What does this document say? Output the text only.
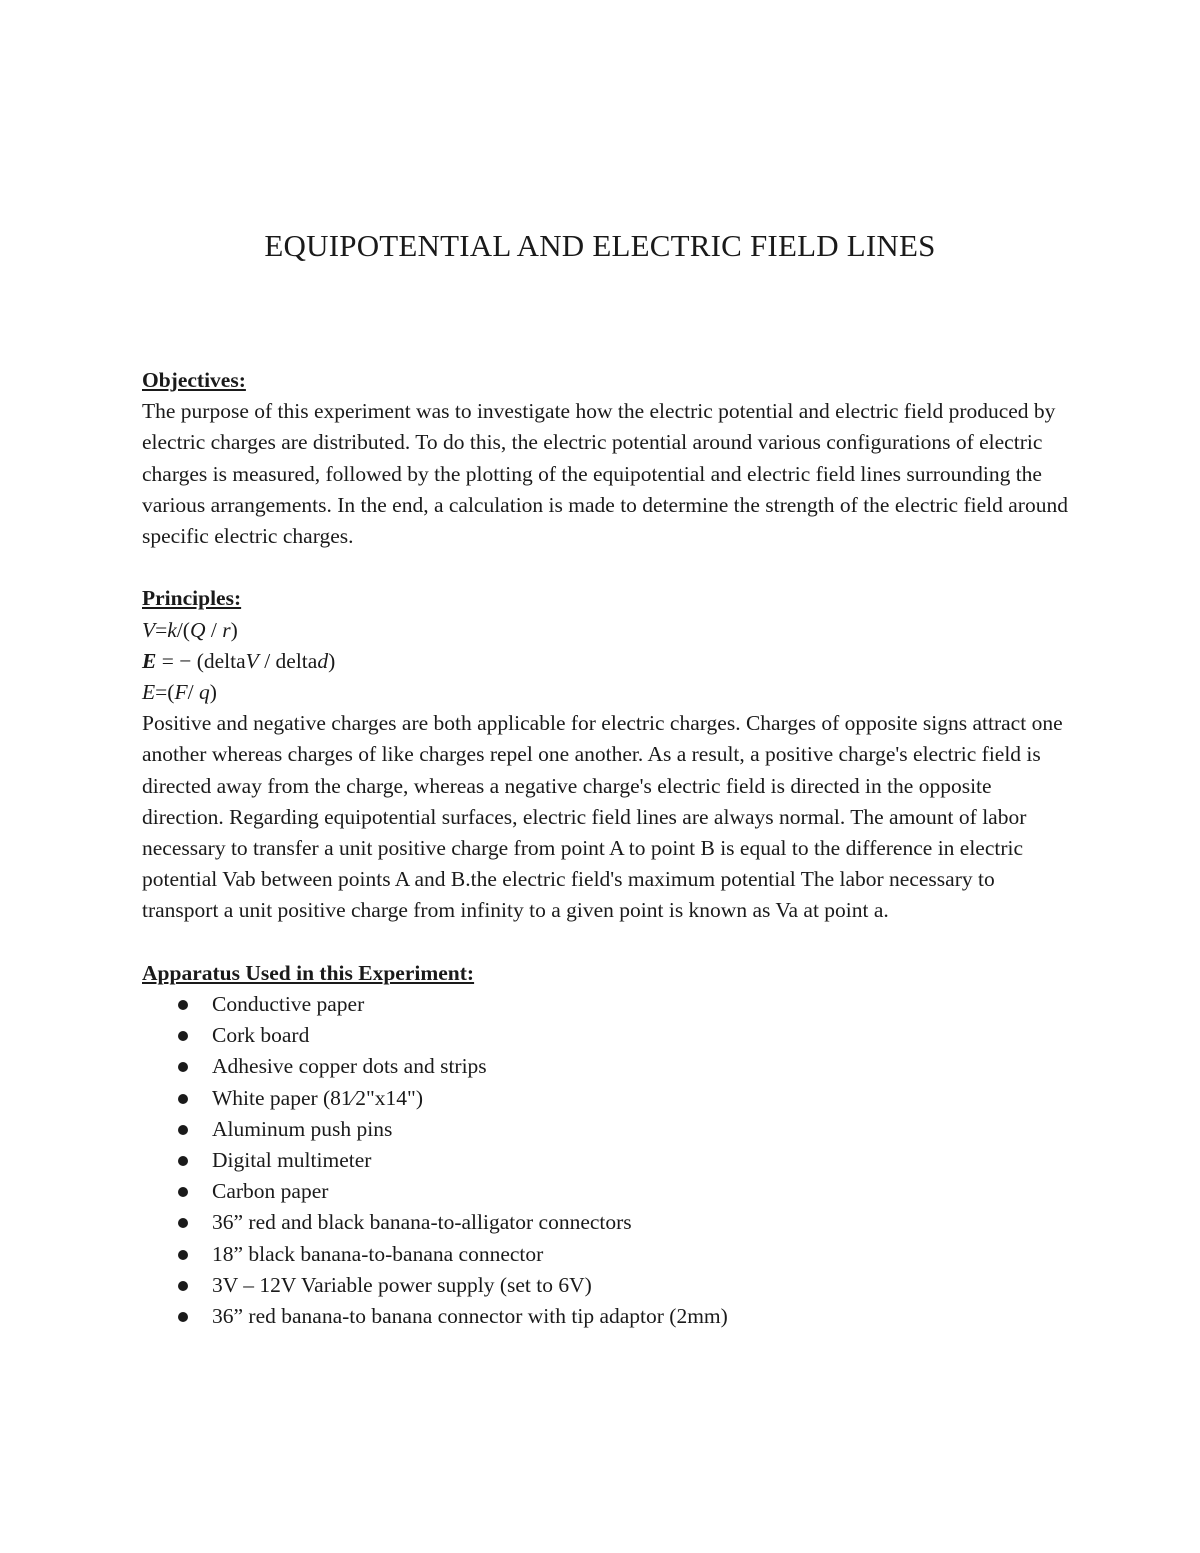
EQUIPOTENTIAL AND ELECTRIC FIELD LINES

Objectives:

The purpose of this experiment was to investigate how the electric potential and electric field produced by electric charges are distributed. To do this, the electric potential around various configurations of electric charges is measured, followed by the plotting of the equipotential and electric field lines surrounding the various arrangements. In the end, a calculation is made to determine the strength of the electric field around specific electric charges.

Principles:

V=k/(Q / r)

E = − (deltaV / deltad)

E=(F/ q)

Positive and negative charges are both applicable for electric charges. Charges of opposite signs attract one another whereas charges of like charges repel one another. As a result, a positive charge's electric field is directed away from the charge, whereas a negative charge's electric field is directed in the opposite direction. Regarding equipotential surfaces, electric field lines are always normal. The amount of labor necessary to transfer a unit positive charge from point A to point B is equal to the difference in electric potential Vab between points A and B.the electric field's maximum potential The labor necessary to transport a unit positive charge from infinity to a given point is known as Va at point a.

Apparatus Used in this Experiment:

Conductive paper
Cork board
Adhesive copper dots and strips
White paper (81⁄2"x14")
Aluminum push pins
Digital multimeter
Carbon paper
36” red and black banana-to-alligator connectors
18” black banana-to-banana connector
3V – 12V Variable power supply (set to 6V)
36” red banana-to banana connector with tip adaptor (2mm)
